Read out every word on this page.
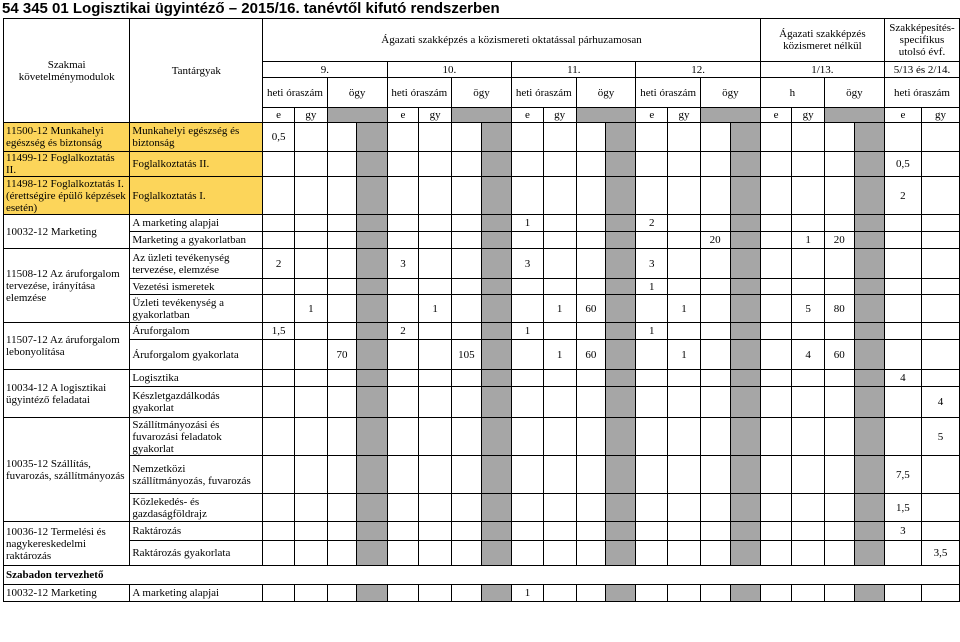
54 345 01 Logisztikai ügyintéző – 2015/16. tanévtől kifutó rendszerben
Szakmai követelménymodulok	Tantárgyak	Ágazati szakképzés a közismereti oktatással párhuzamosan																Ágazati szakképzés közismeret nélkül				Szakképesítés-specifikus utolsó évf.	
		9.				10.				11.				12.				1/13.				5/13 és 2/14.	
		heti óraszám		ögy		heti óraszám		ögy		heti óraszám		ögy		heti óraszám		ögy		h		ögy		heti óraszám	
		e	gy			e	gy			e	gy			e	gy			e	gy			e	gy
11500-12 Munkahelyi egészség és biztonság	Munkahelyi egészség és biztonság	0,5																					
11499-12 Foglalkoztatás II.	Foglalkoztatás II.																					0,5	
11498-12 Foglalkoztatás I. (érettségire épülő képzések esetén)	Foglalkoztatás I.																					2	
10032-12 Marketing	A marketing alapjai									1				2									
	Marketing a gyakorlatban															20			1	20			
11508-12 Az áruforgalom tervezése, irányítása elemzése	Az üzleti tevékenység tervezése, elemzése	2				3				3				3									
	Vezetési ismeretek													1									
	Üzleti tevékenység a gyakorlatban		1				1				1	60			1				5	80			
11507-12 Az áruforgalom lebonyolítása	Áruforgalom	1,5				2				1				1									
	Áruforgalom gyakorlata			70				105			1	60			1				4	60			
10034-12 A logisztikai ügyintéző feladatai	Logisztika																					4	
	Készletgazdálkodás gyakorlat																						4
10035-12 Szállítás, fuvarozás, szállítmányozás	Szállítmányozási és fuvarozási feladatok gyakorlat																						5
	Nemzetközi szállítmányozás, fuvarozás																					7,5	
	Közlekedés- és gazdaságföldrajz																					1,5	
10036-12 Termelési és nagykereskedelmi raktározás	Raktározás																					3	
	Raktározás gyakorlata																						3,5
Szabadon tervezhető																							
10032-12 Marketing	A marketing alapjai									1													
